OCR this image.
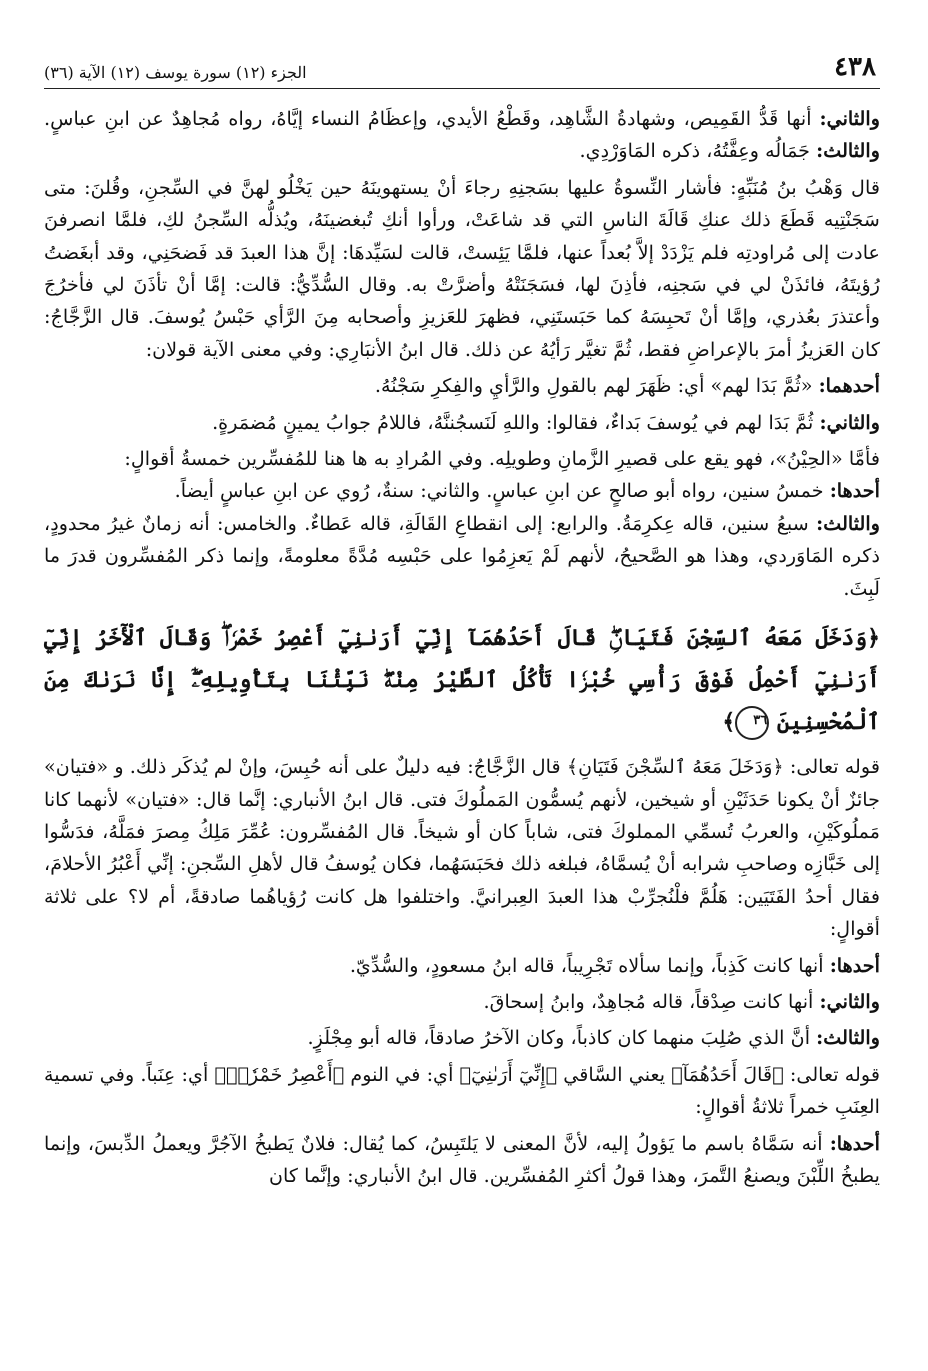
٤٣٨
الجزء (١٢) سورة يوسف (١٢) الآية (٣٦)

والثاني: أنها قَدُّ القَمِيص، وشهادةُ الشَّاهِد، وقَطْعُ الأيدي، وإعظَامُ النساء إيَّاهُ، رواه مُجاهِدٌ عن ابنِ عباسٍ. والثالث: جَمَالُه وعِفَّتُهُ، ذكره المَاوَرْدِي.

قال وَهْبُ بنُ مُنَبِّهٍ: فأشار النِّسوةُ عليها بسَجنِهِ رجاءَ أنْ يستهوينَهُ حين يَخْلُو لهنَّ في السِّجنِ، وقُلنَ: متى سَجَنْتِيه قَطَعَ ذلك عنكِ قَالَةَ الناسِ التي قد شاعَتْ، ورأوا أنكِ تُبغضينَهُ، ويُذلُّه السِّجنُ لكِ، فلمَّا انصرفنَ عادت إلى مُراودتِه فلم يَزْدَدْ إلاَّ بُعداً عنها، فلمَّا يَئِستْ، قالت لسَيِّدهَا: إنَّ هذا العبدَ قد فَضحَنِي، وقد أبغَضتُ رُؤيتَهُ، فائذَنْ لي في سَجنِه، فأذِنَ لها، فسَجَنَتْهُ وأضرَّتْ به. وقال السُّدِّيُّ: قالت: إمَّا أنْ تأذَنَ لي فأخرُجَ وأعتذرَ بعُذري، وإمَّا أنْ تَحبِسَهُ كما حَبَستَنِي، فظهرَ للعَزيزِ وأصحابه مِنَ الرَّأي حَبْسُ يُوسفَ. قال الزَّجَّاجُ: كان العَزيزُ أمرَ بالإعراضِ فقط، ثُمَّ تغيَّر رَأيُهُ عن ذلك. قال ابنُ الأنبَارِي: وفي معنى الآية قولان:

أحدهما: «ثُمَّ بَدَا لهم» أي: ظَهَرَ لهم بالقولِ والرَّأيِ والفِكرِ سَجْنُهُ.

والثاني: ثُمَّ بَدَا لهم في يُوسفَ بَداءٌ، فقالوا: واللهِ لَنَسجُننَّهُ، فاللامُ جوابُ يمينٍ مُضمَرةٍ.

فأمَّا «الحِيْنُ»، فهو يقع على قصيرِ الزَّمانِ وطويلِه. وفي المُرادِ به ها هنا للمُفسِّرين خمسةُ أقوالٍ:

أحدها: خمسُ سنين، رواه أبو صالحٍ عن ابنِ عباسٍ. والثاني: سنةٌ، رُوي عن ابنِ عباسٍ أيضاً.

والثالث: سبعُ سنين، قاله عِكرِمَةُ. والرابع: إلى انقطاعِ القَالَةِ، قاله عَطاءٌ. والخامس: أنه زمانٌ غيرُ محدودٍ، ذكره المَاوَردي، وهذا هو الصَّحيحُ، لأنهم لَمْ يَعزِمُوا على حَبْسِه مُدَّةً معلومةً، وإنما ذكر المُفسِّرون قدرَ ما لَبِثَ.

﴿وَدَخَلَ مَعَهُ ٱلسِّجْنَ فَتَيَانِۖ قَالَ أَحَدُهُمَآ إِنِّيٓ أَرَىٰنِيٓ أَعْصِرُ خَمْرٗاۖ وَقَالَ ٱلْأٓخَرُ إِنِّيٓ أَرَىٰنِيٓ أَحْمِلُ فَوْقَ رَأْسِي خُبْزٗا تَأْكُلُ ٱلطَّيْرُ مِنْهُۖ نَبِّئْنَا بِتَأْوِيلِهِۦٓۖ إِنَّا نَرَىٰكَ مِنَ ٱلْمُحْسِنِينَ ٣٦﴾

قوله تعالى: ﴿وَدَخَلَ مَعَهُ ٱلسِّجْنَ فَتَيَانِ﴾ قال الزَّجَّاجُ: فيه دليلٌ على أنه حُبِسَ، وإنْ لم يُذكَر ذلك. و «فتيان» جائزٌ أنْ يكونا حَدَثَيْنِ أو شيخين، لأنهم يُسمُّون المَملُوكَ فتى. قال ابنُ الأنباري: إنَّما قال: «فتيان» لأنهما كانا مَملُوكَيْنِ، والعربُ تُسمِّي المملوكَ فتى، شاباً كان أو شيخاً. قال المُفسِّرون: عُمِّرَ مَلِكُ مِصرَ فمَلَّهُ، فدَسُّوا إلى خَبَّازِه وصاحبِ شرابه أنْ يُسمَّاهُ، فبلغه ذلك فحَبَسَهُما، فكان يُوسفُ قال لأهلِ السِّجنِ: إنِّي أَعْبُرُ الأحلامَ، فقال أحدُ الفَتَيَين: هَلُمَّ فلْنُجرِّبْ هذا العبدَ العِبرانيَّ. واختلفوا هل كانت رُؤياهُما صادقةً، أم لا؟ على ثلاثة أقوالٍ:

أحدها: أنها كانت كَذِباً، وإنما سألاه تَجْرِيباً، قاله ابنُ مسعودٍ، والسُّدِّيّ.

والثاني: أنها كانت صِدْقاً، قاله مُجاهِدٌ، وابنُ إسحاقَ.

والثالث: أنَّ الذي صُلِبَ منهما كان كاذباً، وكان الآخرُ صادقاً، قاله أبو مِجْلَزٍ.

قوله تعالى: ﴿قَالَ أَحَدُهُمَآ﴾ يعني السَّاقي ﴿إِنِّيٓ أَرَىٰنِيٓ﴾ أي: في النوم ﴿أَعْصِرُ خَمْرٗاۖ﴾ أي: عِنَباً. وفي تسمية العِنَبِ خمراً ثلاثةُ أقوالٍ:

أحدها: أنه سَمَّاهُ باسم ما يَؤولُ إليه، لأنَّ المعنى لا يَلتَبِسُ، كما يُقال: فلانٌ يَطبخُ الآجُرَّ ويعملُ الدِّبسَ، وإنما يطبخُ اللِّبْنَ ويصنعُ التَّمرَ، وهذا قولُ أكثرِ المُفسِّرين. قال ابنُ الأنباري: وإنَّما كان
